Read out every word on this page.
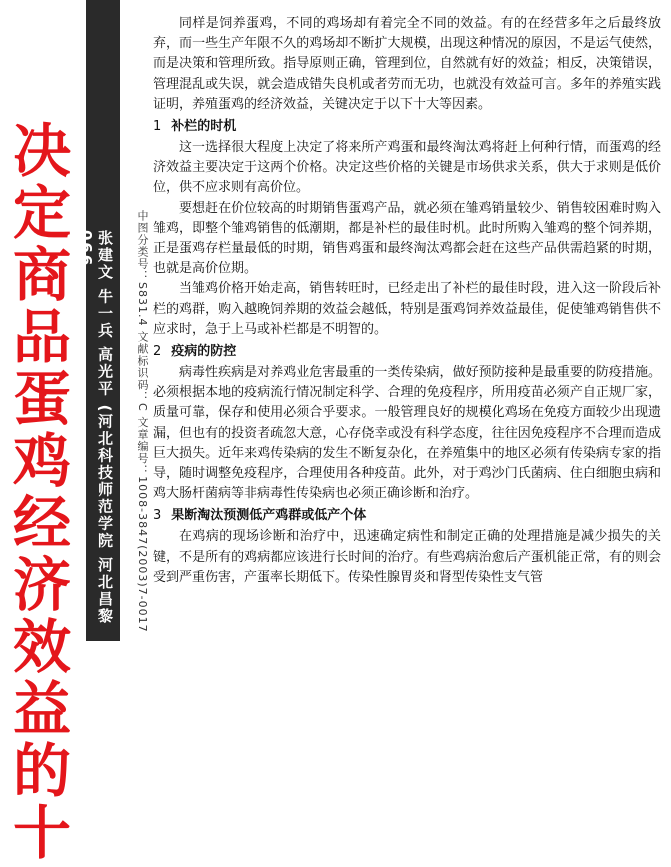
决
定
商
品
蛋
鸡
经
济
效
益
的
十
张建文 牛一兵 高光平 (河北科技师范学院 河北昌黎 066	中图分类号：S831.4 文献标识码：C 文章编号：1008-3847(2003)7-0017

同样是饲养蛋鸡，不同的鸡场却有着完全不同的效益。有的在经营多年之后最终放弃，而一些生产年限不久的鸡场却不断扩大规模，出现这种情况的原因，不是运气使然，而是决策和管理所致。指导原则正确，管理到位，自然就有好的效益；相反，决策错误，管理混乱或失误，就会造成错失良机或者劳而无功，也就没有效益可言。多年的养殖实践证明，养殖蛋鸡的经济效益，关键决定于以下十大等因素。

1 补栏的时机

这一选择很大程度上决定了将来所产鸡蛋和最终淘汰鸡将赶上何种行情，而蛋鸡的经济效益主要决定于这两个价格。决定这些价格的关键是市场供求关系，供大于求则是低价位，供不应求则有高价位。

要想赶在价位较高的时期销售蛋鸡产品，就必须在雏鸡销量较少、销售较困难时购入雏鸡，即整个雏鸡销售的低潮期，都是补栏的最佳时机。此时所购入雏鸡的整个饲养期，正是蛋鸡存栏量最低的时期，销售鸡蛋和最终淘汰鸡都会赶在这些产品供需趋紧的时期，也就是高价位期。

当雏鸡价格开始走高，销售转旺时，已经走出了补栏的最佳时段，进入这一阶段后补栏的鸡群，购入越晚饲养期的效益会越低，特别是蛋鸡饲养效益最佳，促使雏鸡销售供不应求时，急于上马或补栏都是不明智的。

2 疫病的防控

病毒性疾病是对养鸡业危害最重的一类传染病，做好预防接种是最重要的防疫措施。必须根据本地的疫病流行情况制定科学、合理的免疫程序，所用疫苗必须产自正规厂家，质量可靠，保存和使用必须合乎要求。一般管理良好的规模化鸡场在免疫方面较少出现遗漏，但也有的投资者疏忽大意，心存侥幸或没有科学态度，往往因免疫程序不合理而造成巨大损失。近年来鸡传染病的发生不断复杂化，在养殖集中的地区必须有传染病专家的指导，随时调整免疫程序，合理使用各种疫苗。此外，对于鸡沙门氏菌病、住白细胞虫病和鸡大肠杆菌病等非病毒性传染病也必须正确诊断和治疗。

3 果断淘汰预测低产鸡群或低产个体

在鸡病的现场诊断和治疗中，迅速确定病性和制定正确的处理措施是减少损失的关键，不是所有的鸡病都应该进行长时间的治疗。有些鸡病治愈后产蛋机能正常，有的则会受到严重伤害，产蛋率长期低下。传染性腺胃炎和肾型传染性支气管
